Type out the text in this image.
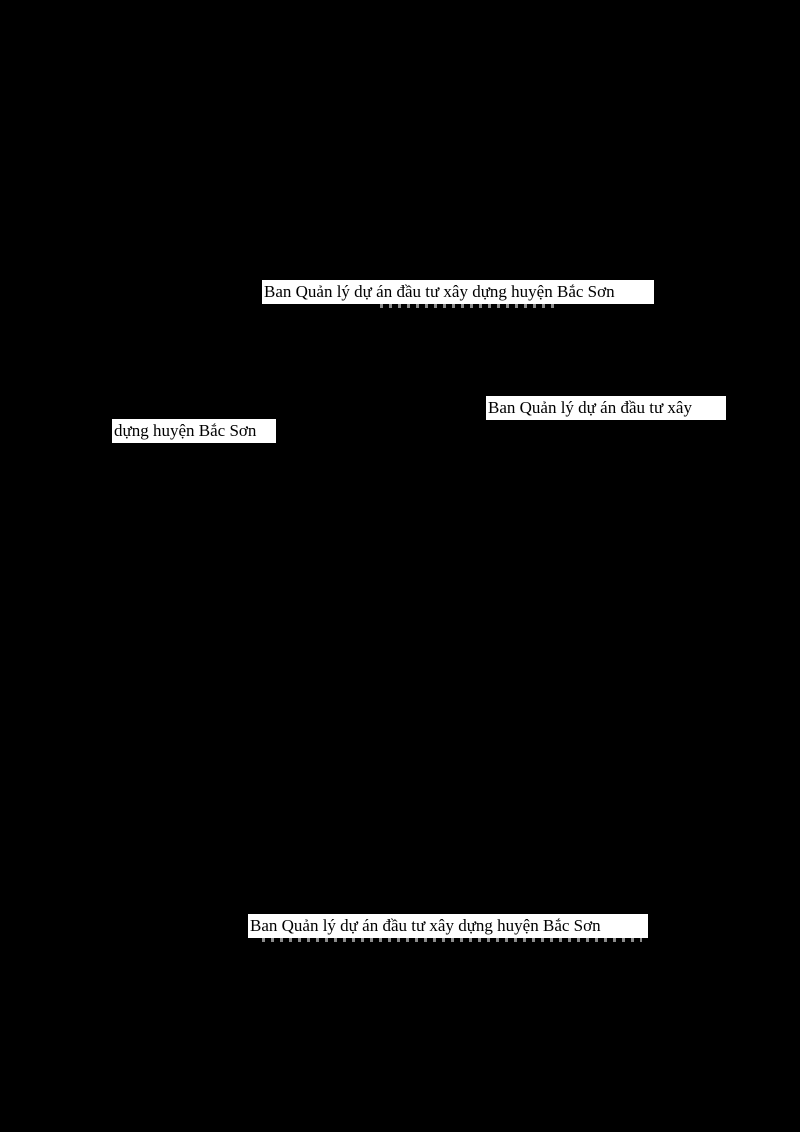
Ban Quản lý dự án đầu tư xây dựng huyện Bắc Sơn
Ban Quản lý dự án đầu tư xây
dựng huyện Bắc Sơn
Ban Quản lý dự án đầu tư xây dựng huyện Bắc Sơn
